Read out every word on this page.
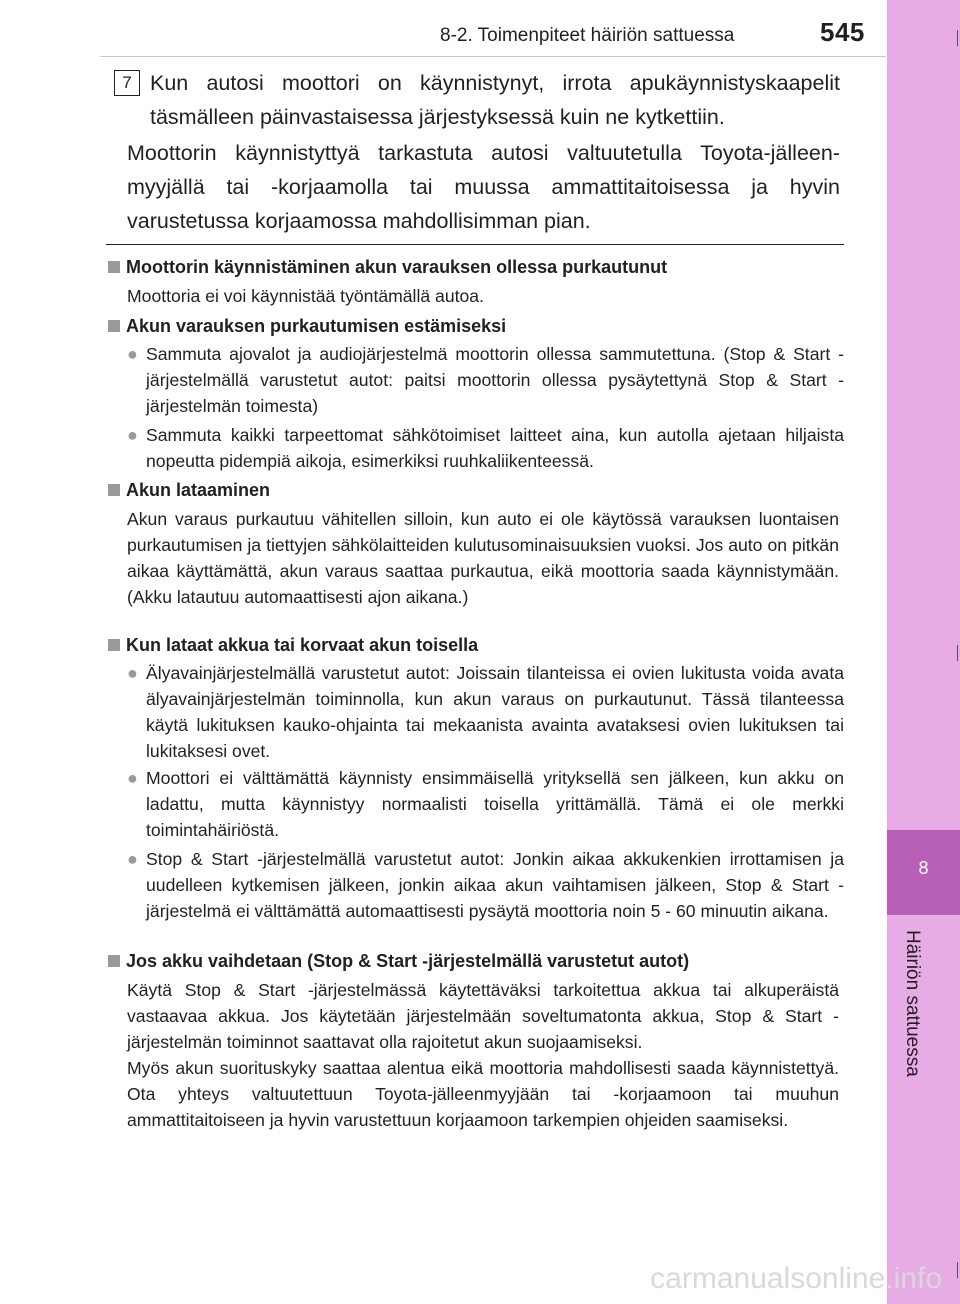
8-2. Toimenpiteet häiriön sattuessa	545
8
Häiriön sattuessa
7 Kun autosi moottori on käynnistynyt, irrota apukäynnistyskaapelit täsmälleen päinvastaisessa järjestyksessä kuin ne kytkettiin.
Moottorin käynnistyttyä tarkastuta autosi valtuutetulla Toyota-jälleenmyyjällä tai -korjaamolla tai muussa ammattitaitoisessa ja hyvin varustetussa korjaamossa mahdollisimman pian.
Moottorin käynnistäminen akun varauksen ollessa purkautunut
Moottoria ei voi käynnistää työntämällä autoa.
Akun varauksen purkautumisen estämiseksi
● Sammuta ajovalot ja audiojärjestelmä moottorin ollessa sammutettuna. (Stop & Start -järjestelmällä varustetut autot: paitsi moottorin ollessa pysäytettynä Stop & Start -järjestelmän toimesta)
● Sammuta kaikki tarpeettomat sähkötoimiset laitteet aina, kun autolla ajetaan hiljaista nopeutta pidempiä aikoja, esimerkiksi ruuhkaliikenteessä.
Akun lataaminen
Akun varaus purkautuu vähitellen silloin, kun auto ei ole käytössä varauksen luontaisen purkautumisen ja tiettyjen sähkölaitteiden kulutusominaisuuksien vuoksi. Jos auto on pitkän aikaa käyttämättä, akun varaus saattaa purkautua, eikä moottoria saada käynnistymään. (Akku latautuu automaattisesti ajon aikana.)
Kun lataat akkua tai korvaat akun toisella
● Älyavainjärjestelmällä varustetut autot: Joissain tilanteissa ei ovien lukitusta voida avata älyavainjärjestelmän toiminnolla, kun akun varaus on purkautunut. Tässä tilanteessa käytä lukituksen kauko-ohjainta tai mekaanista avainta avataksesi ovien lukituksen tai lukitaksesi ovet.
● Moottori ei välttämättä käynnisty ensimmäisellä yrityksellä sen jälkeen, kun akku on ladattu, mutta käynnistyy normaalisti toisella yrittämällä. Tämä ei ole merkki toimintahäiriöstä.
● Stop & Start -järjestelmällä varustetut autot: Jonkin aikaa akkukenkien irrottamisen ja uudelleen kytkemisen jälkeen, jonkin aikaa akun vaihtamisen jälkeen, Stop & Start -järjestelmä ei välttämättä automaattisesti pysäytä moottoria noin 5 - 60 minuutin aikana.
Jos akku vaihdetaan (Stop & Start -järjestelmällä varustetut autot)
Käytä Stop & Start -järjestelmässä käytettäväksi tarkoitettua akkua tai alkuperäistä vastaavaa akkua. Jos käytetään järjestelmään soveltumatonta akkua, Stop & Start -järjestelmän toiminnot saattavat olla rajoitetut akun suojaamiseksi.
Myös akun suorituskyky saattaa alentua eikä moottoria mahdollisesti saada käynnistettyä. Ota yhteys valtuutettuun Toyota-jälleenmyyjään tai -korjaamoon tai muuhun ammattitaitoiseen ja hyvin varustettuun korjaamoon tarkempien ohjeiden saamiseksi.
carmanualsonline.info
